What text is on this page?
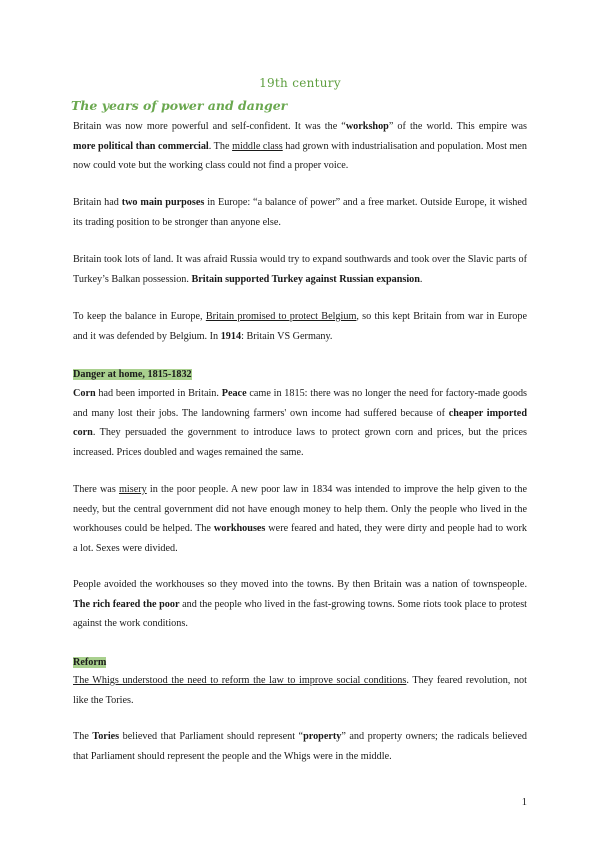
19th century
The years of power and danger

Britain was now more powerful and self-confident. It was the “workshop” of the world. This empire was more political than commercial. The middle class had grown with industrialisation and population. Most men now could vote but the working class could not find a proper voice.

Britain had two main purposes in Europe: “a balance of power” and a free market. Outside Europe, it wished its trading position to be stronger than anyone else.

Britain took lots of land. It was afraid Russia would try to expand southwards and took over the Slavic parts of Turkey’s Balkan possession. Britain supported Turkey against Russian expansion.

To keep the balance in Europe, Britain promised to protect Belgium, so this kept Britain from war in Europe and it was defended by Belgium. In 1914: Britain VS Germany.

Danger at home, 1815-1832

Corn had been imported in Britain. Peace came in 1815: there was no longer the need for factory-made goods and many lost their jobs. The landowning farmers' own income had suffered because of cheaper imported corn. They persuaded the government to introduce laws to protect grown corn and prices, but the prices increased. Prices doubled and wages remained the same.

There was misery in the poor people. A new poor law in 1834 was intended to improve the help given to the needy, but the central government did not have enough money to help them. Only the people who lived in the workhouses could be helped. The workhouses were feared and hated, they were dirty and people had to work a lot. Sexes were divided.

People avoided the workhouses so they moved into the towns. By then Britain was a nation of townspeople. The rich feared the poor and the people who lived in the fast-growing towns. Some riots took place to protest against the work conditions.

Reform

The Whigs understood the need to reform the law to improve social conditions. They feared revolution, not like the Tories.

The Tories believed that Parliament should represent “property” and property owners; the radicals believed that Parliament should represent the people and the Whigs were in the middle.

1
